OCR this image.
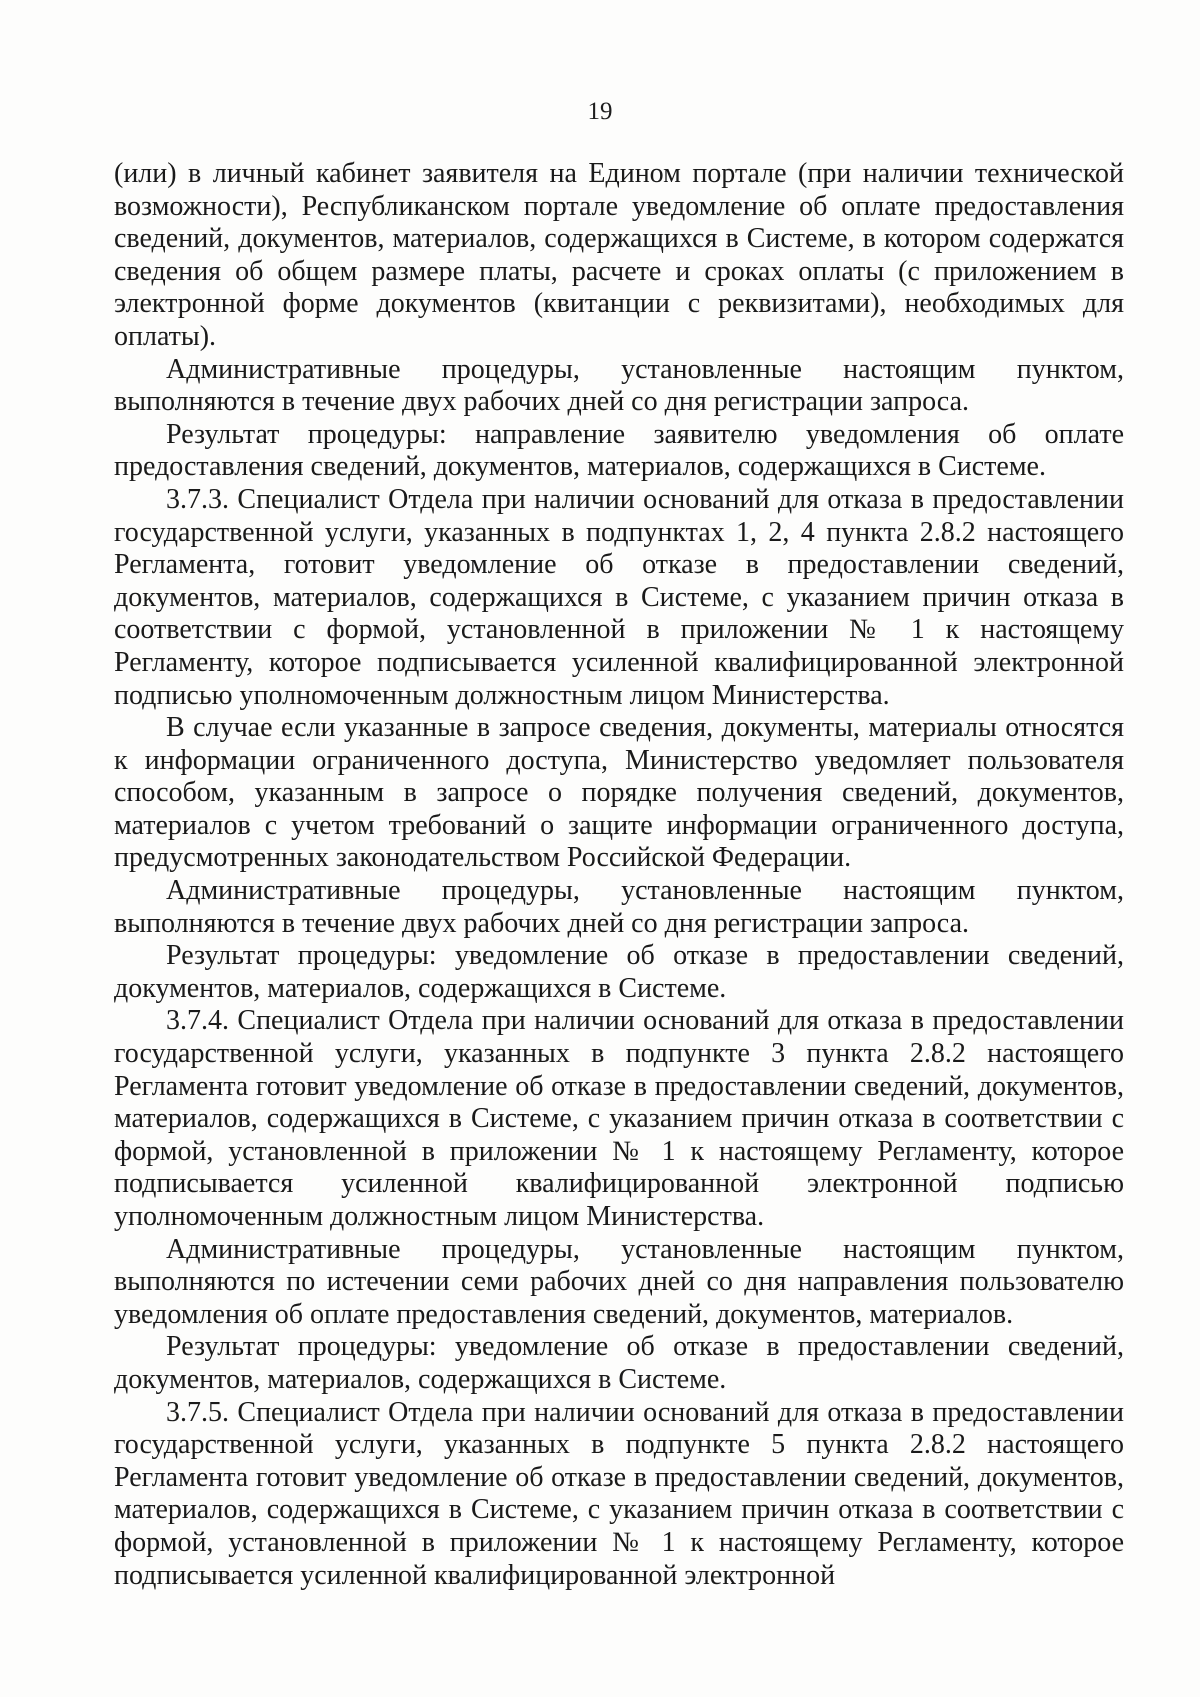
19

(или) в личный кабинет заявителя на Едином портале (при наличии технической возможности), Республиканском портале уведомление об оплате предоставления сведений, документов, материалов, содержащихся в Системе, в котором содержатся сведения об общем размере платы, расчете и сроках оплаты (с приложением в электронной форме документов (квитанции с реквизитами), необходимых для оплаты).

Административные процедуры, установленные настоящим пунктом, выполняются в течение двух рабочих дней со дня регистрации запроса.

Результат процедуры: направление заявителю уведомления об оплате предоставления сведений, документов, материалов, содержащихся в Системе.

3.7.3. Специалист Отдела при наличии оснований для отказа в предоставлении государственной услуги, указанных в подпунктах 1, 2, 4 пункта 2.8.2 настоящего Регламента, готовит уведомление об отказе в предоставлении сведений, документов, материалов, содержащихся в Системе, с указанием причин отказа в соответствии с формой, установленной в приложении № 1 к настоящему Регламенту, которое подписывается усиленной квалифицированной электронной подписью уполномоченным должностным лицом Министерства.

В случае если указанные в запросе сведения, документы, материалы относятся к информации ограниченного доступа, Министерство уведомляет пользователя способом, указанным в запросе о порядке получения сведений, документов, материалов с учетом требований о защите информации ограниченного доступа, предусмотренных законодательством Российской Федерации.

Административные процедуры, установленные настоящим пунктом, выполняются в течение двух рабочих дней со дня регистрации запроса.

Результат процедуры: уведомление об отказе в предоставлении сведений, документов, материалов, содержащихся в Системе.

3.7.4. Специалист Отдела при наличии оснований для отказа в предоставлении государственной услуги, указанных в подпункте 3 пункта 2.8.2 настоящего Регламента готовит уведомление об отказе в предоставлении сведений, документов, материалов, содержащихся в Системе, с указанием причин отказа в соответствии с формой, установленной в приложении № 1 к настоящему Регламенту, которое подписывается усиленной квалифицированной электронной подписью уполномоченным должностным лицом Министерства.

Административные процедуры, установленные настоящим пунктом, выполняются по истечении семи рабочих дней со дня направления пользователю уведомления об оплате предоставления сведений, документов, материалов.

Результат процедуры: уведомление об отказе в предоставлении сведений, документов, материалов, содержащихся в Системе.

3.7.5. Специалист Отдела при наличии оснований для отказа в предоставлении государственной услуги, указанных в подпункте 5 пункта 2.8.2 настоящего Регламента готовит уведомление об отказе в предоставлении сведений, документов, материалов, содержащихся в Системе, с указанием причин отказа в соответствии с формой, установленной в приложении № 1 к настоящему Регламенту, которое подписывается усиленной квалифицированной электронной
